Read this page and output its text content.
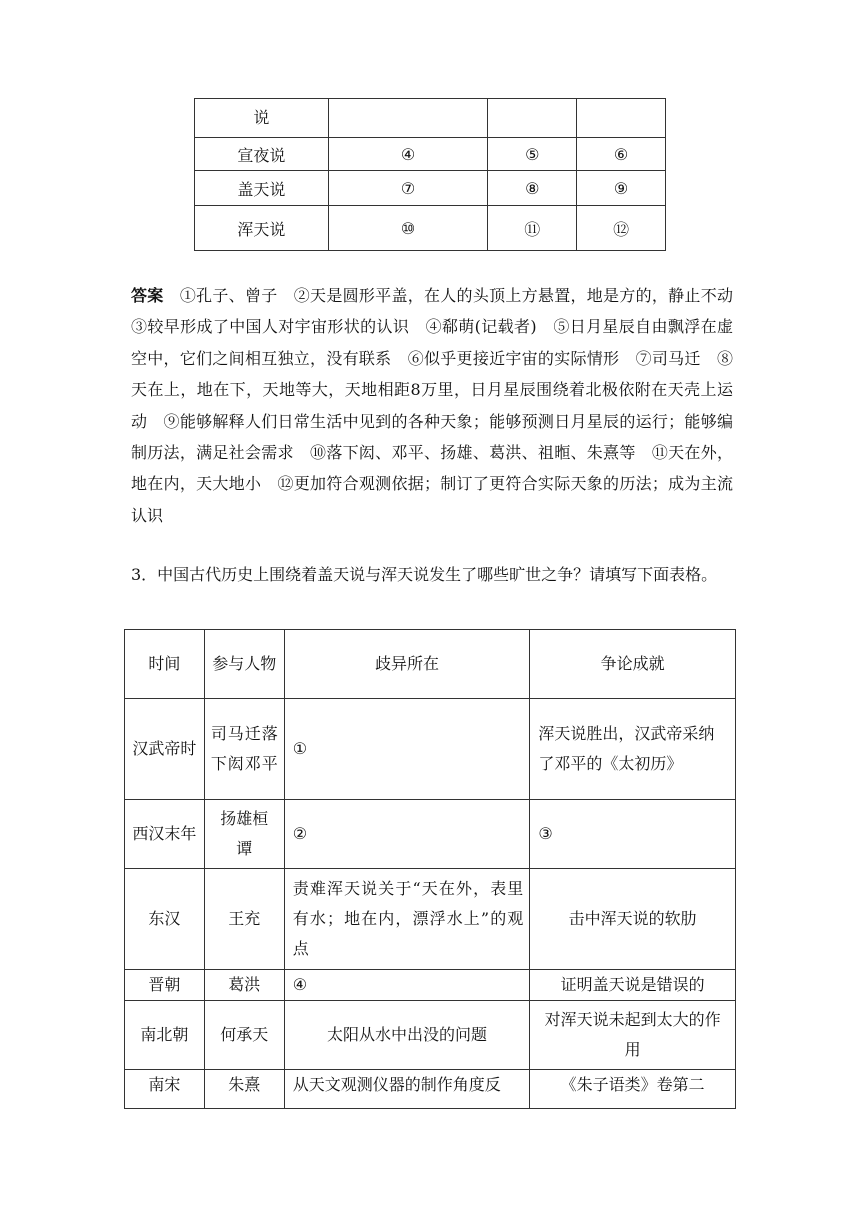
说			

宣夜说	④	⑤	⑥
盖天说	⑦	⑧	⑨
浑天说	⑩	⑪	⑫
答案　 ①孔子、曾子　②天是圆形平盖，在人的头顶上方悬置，地是方的，静止不动　③较早形成了中国人对宇宙形状的认识　④郗萌(记载者)　⑤日月星辰自由飘浮在虚空中，它们之间相互独立，没有联系　⑥似乎更接近宇宙的实际情形　⑦司马迁　⑧天在上，地在下，天地等大，天地相距8万里，日月星辰围绕着北极依附在天壳上运动　⑨能够解释人们日常生活中见到的各种天象；能够预测日月星辰的运行；能够编制历法，满足社会需求　⑩落下闳、邓平、扬雄、葛洪、祖暅、朱熹等　⑪天在外，地在内，天大地小　⑫更加符合观测依据；制订了更符合实际天象的历法；成为主流认识
3．中国古代历史上围绕着盖天说与浑天说发生了哪些旷世之争？请填写下面表格。
时间	参与人物	歧异所在	争论成就
汉武帝时	司马迁落下闳邓平	①	浑天说胜出，汉武帝采纳了邓平的《太初历》
西汉末年	扬雄桓谭	②	③
东汉	王充	责难浑天说关于“天在外，表里有水；地在内，漂浮水上”的观点	击中浑天说的软肋
晋朝	葛洪	④	证明盖天说是错误的
南北朝	何承天	太阳从水中出没的问题	对浑天说未起到太大的作用
南宋	朱熹	从天文观测仪器的制作角度反	《朱子语类》卷第二
